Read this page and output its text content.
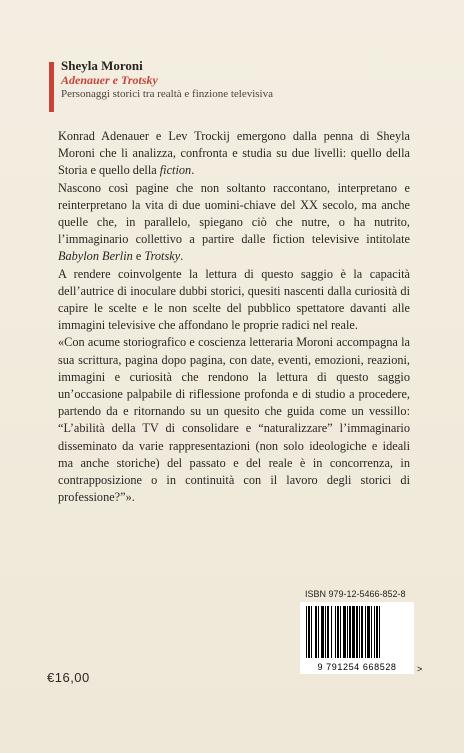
Sheyla Moroni
Adenauer e Trotsky
Personaggi storici tra realtà e finzione televisiva

Konrad Adenauer e Lev Trockij emergono dalla penna di Sheyla Moroni che li analizza, confronta e studia su due livelli: quello della Storia e quello della fiction.

Nascono così pagine che non soltanto raccontano, interpretano e reinterpretano la vita di due uomini-chiave del XX secolo, ma anche quelle che, in parallelo, spiegano ciò che nutre, o ha nutrito, l’immaginario collettivo a partire dalle fiction televisive intitolate Babylon Berlin e Trotsky.

A rendere coinvolgente la lettura di questo saggio è la capacità dell’autrice di inoculare dubbi storici, quesiti nascenti dalla curiosità di capire le scelte e le non scelte del pubblico spettatore davanti alle immagini televisive che affondano le proprie radici nel reale.

«Con acume storiografico e coscienza letteraria Moroni accompagna la sua scrittura, pagina dopo pagina, con date, eventi, emozioni, reazioni, immagini e curiosità che rendono la lettura di questo saggio un’occasione palpabile di riflessione profonda e di studio a procedere, partendo da e ritornando su un quesito che guida come un vessillo: “L’abilità della TV di consolidare e “naturalizzare” l’immaginario disseminato da varie rappresentazioni (non solo ideologiche e ideali ma anche storiche) del passato e del reale è in concorrenza, in contrapposizione o in continuità con il lavoro degli storici di professione?”».

ISBN 979-12-5466-852-8
9 791254 668528	>
€16,00
